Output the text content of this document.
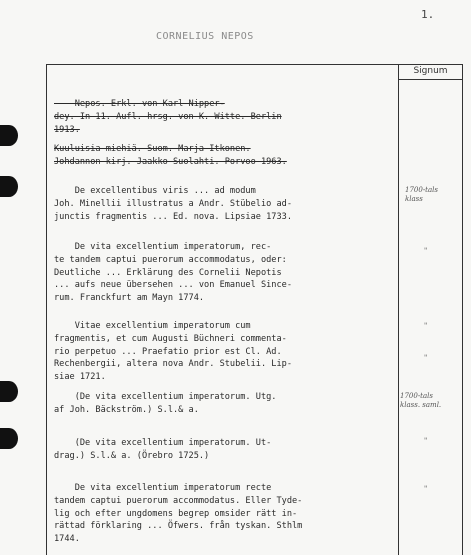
1.
CORNELIUS NEPOS
Signum
Nepos. Erkl. von Karl Nipper-
dey. In 11. Aufl. hrsg. von K. Witte. Berlin
1913.
Kuuluisia miehiä. Suom. Marja Itkonen.
Johdannon kirj. Jaakko Suolahti. Porvoo 1963.
De excellentibus viris ... ad modum
Joh. Minellii illustratus a Andr. Stübelio ad-
junctis fragmentis ... Ed. nova. Lipsiae 1733.
De vita excellentium imperatorum, rec-
te tandem captui puerorum accommodatus, oder:
Deutliche ... Erklärung des Cornelii Nepotis
... aufs neue übersehen ... von Emanuel Since-
rum. Franckfurt am Mayn 1774.
Vitae excellentium imperatorum cum
fragmentis, et cum Augusti Büchneri commenta-
rio perpetuo ... Praefatio prior est Cl. Ad.
Rechenbergii, altera nova Andr. Stubelii. Lip-
siae 1721.
(De vita excellentium imperatorum. Utg.
af Joh. Bäckström.) S.l.& a.
(De vita excellentium imperatorum. Ut-
drag.) S.l.& a. (Örebro 1725.)
De vita excellentium imperatorum recte
tandem captui puerorum accommodatus. Eller Tyde-
lig och efter ungdomens begrep omsider rätt in-
rättad förklaring ... Öfwers. från tyskan. Sthlm
1744.
1700-tals
klass
"
"
"
1700-tals
klass. saml.
"
"
